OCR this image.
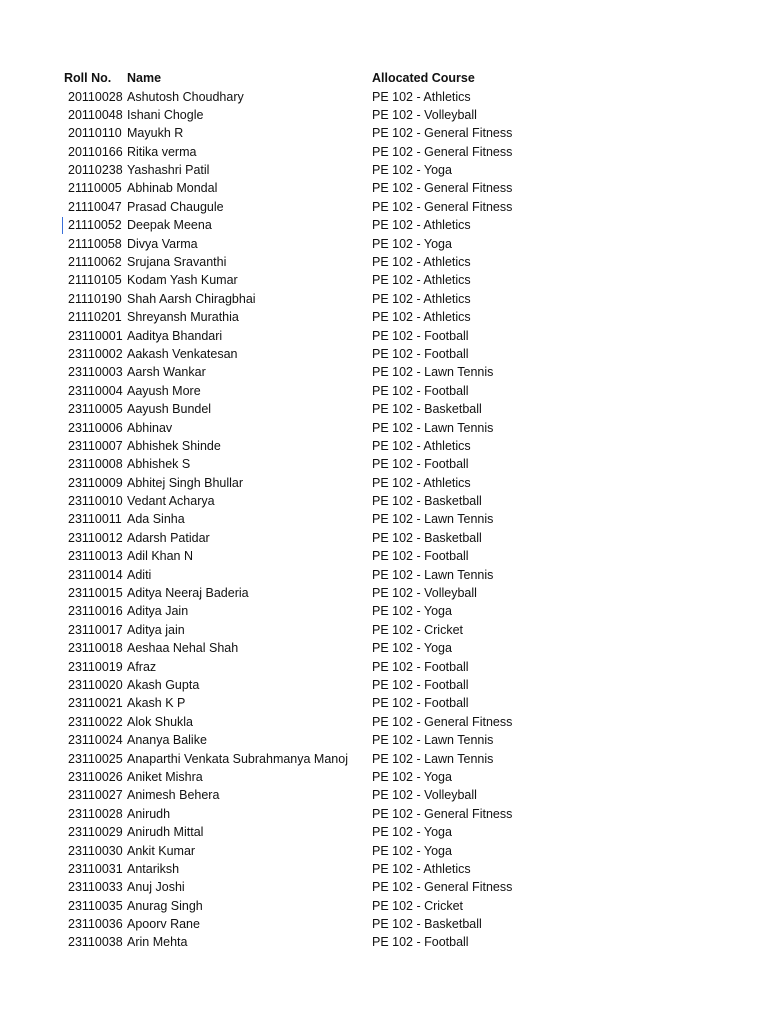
Roll No. Name	Allocated Course
20110028 Ashutosh Choudhary	PE 102 - Athletics
20110048 Ishani Chogle	PE 102 - Volleyball
20110110 Mayukh R	PE 102 - General Fitness
20110166 Ritika verma	PE 102 - General Fitness
20110238 Yashashri Patil	PE 102 - Yoga
21110005 Abhinab Mondal	PE 102 - General Fitness
21110047 Prasad Chaugule	PE 102 - General Fitness
21110052 Deepak Meena	PE 102 - Athletics
21110058 Divya Varma	PE 102 - Yoga
21110062 Srujana Sravanthi	PE 102 - Athletics
21110105 Kodam Yash Kumar	PE 102 - Athletics
21110190 Shah Aarsh Chiragbhai	PE 102 - Athletics
21110201 Shreyansh Murathia	PE 102 - Athletics
23110001 Aaditya Bhandari	PE 102 - Football
23110002 Aakash Venkatesan	PE 102 - Football
23110003 Aarsh Wankar	PE 102 - Lawn Tennis
23110004 Aayush More	PE 102 - Football
23110005 Aayush Bundel	PE 102 - Basketball
23110006 Abhinav	PE 102 - Lawn Tennis
23110007 Abhishek Shinde	PE 102 - Athletics
23110008 Abhishek S	PE 102 - Football
23110009 Abhitej Singh Bhullar	PE 102 - Athletics
23110010 Vedant Acharya	PE 102 - Basketball
23110011 Ada Sinha	PE 102 - Lawn Tennis
23110012 Adarsh Patidar	PE 102 - Basketball
23110013 Adil Khan N	PE 102 - Football
23110014 Aditi	PE 102 - Lawn Tennis
23110015 Aditya Neeraj Baderia	PE 102 - Volleyball
23110016 Aditya Jain	PE 102 - Yoga
23110017 Aditya jain	PE 102 - Cricket
23110018 Aeshaa Nehal Shah	PE 102 - Yoga
23110019 Afraz	PE 102 - Football
23110020 Akash Gupta	PE 102 - Football
23110021 Akash K P	PE 102 - Football
23110022 Alok Shukla	PE 102 - General Fitness
23110024 Ananya Balike	PE 102 - Lawn Tennis
23110025 Anaparthi Venkata Subrahmanya Manoj PE 102 - Lawn Tennis
23110026 Aniket Mishra	PE 102 - Yoga
23110027 Animesh Behera	PE 102 - Volleyball
23110028 Anirudh	PE 102 - General Fitness
23110029 Anirudh Mittal	PE 102 - Yoga
23110030 Ankit Kumar	PE 102 - Yoga
23110031 Antariksh	PE 102 - Athletics
23110033 Anuj Joshi	PE 102 - General Fitness
23110035 Anurag Singh	PE 102 - Cricket
23110036 Apoorv Rane	PE 102 - Basketball
23110038 Arin Mehta	PE 102 - Football
